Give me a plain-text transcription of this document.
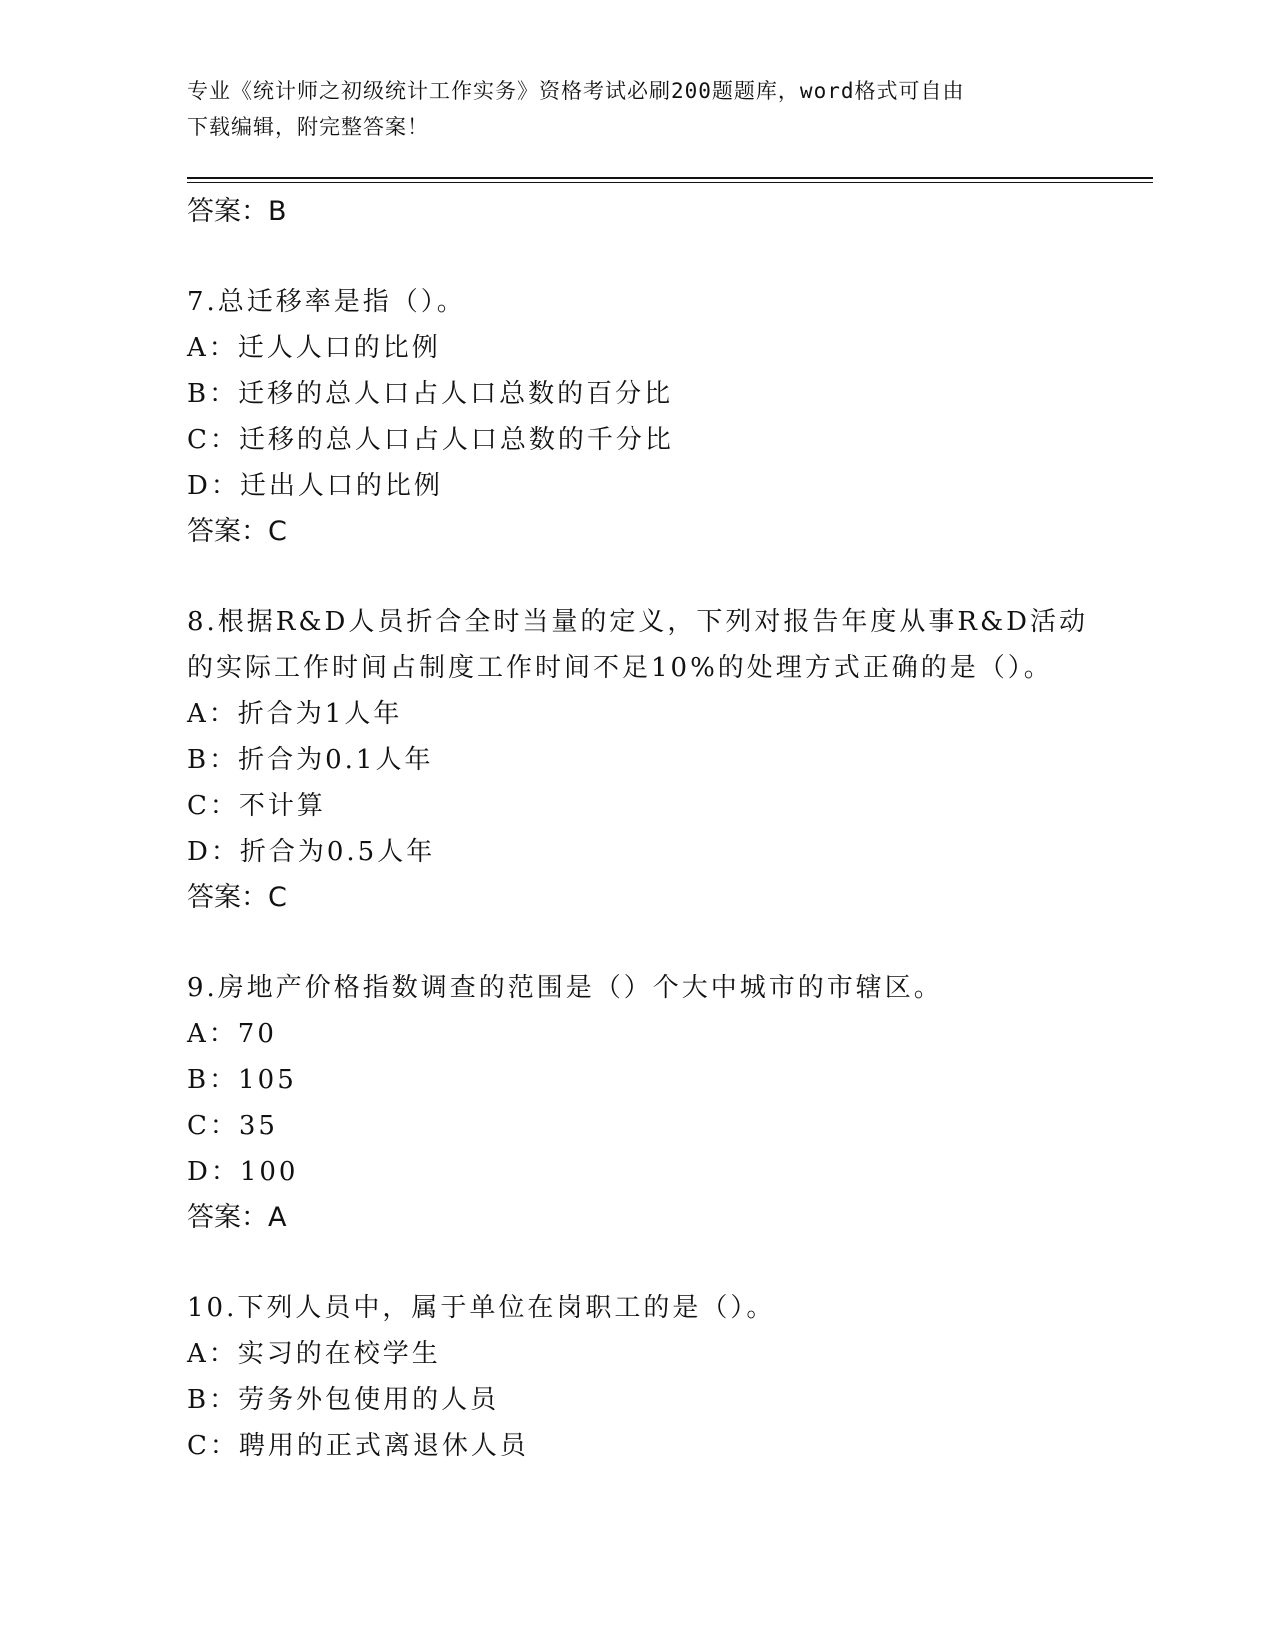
专业《统计师之初级统计工作实务》资格考试必刷200题题库，word格式可自由
下载编辑，附完整答案！
答案：B
7.总迁移率是指（）。
A：迁人人口的比例
B：迁移的总人口占人口总数的百分比
C：迁移的总人口占人口总数的千分比
D：迁出人口的比例
答案：C
8.根据R&D人员折合全时当量的定义，下列对报告年度从事R&D活动
的实际工作时间占制度工作时间不足10%的处理方式正确的是（）。
A：折合为1人年
B：折合为0.1人年
C：不计算
D：折合为0.5人年
答案：C
9.房地产价格指数调查的范围是（）个大中城市的市辖区。
A：70
B：105
C：35
D：100
答案：A
10.下列人员中，属于单位在岗职工的是（）。
A：实习的在校学生
B：劳务外包使用的人员
C：聘用的正式离退休人员
